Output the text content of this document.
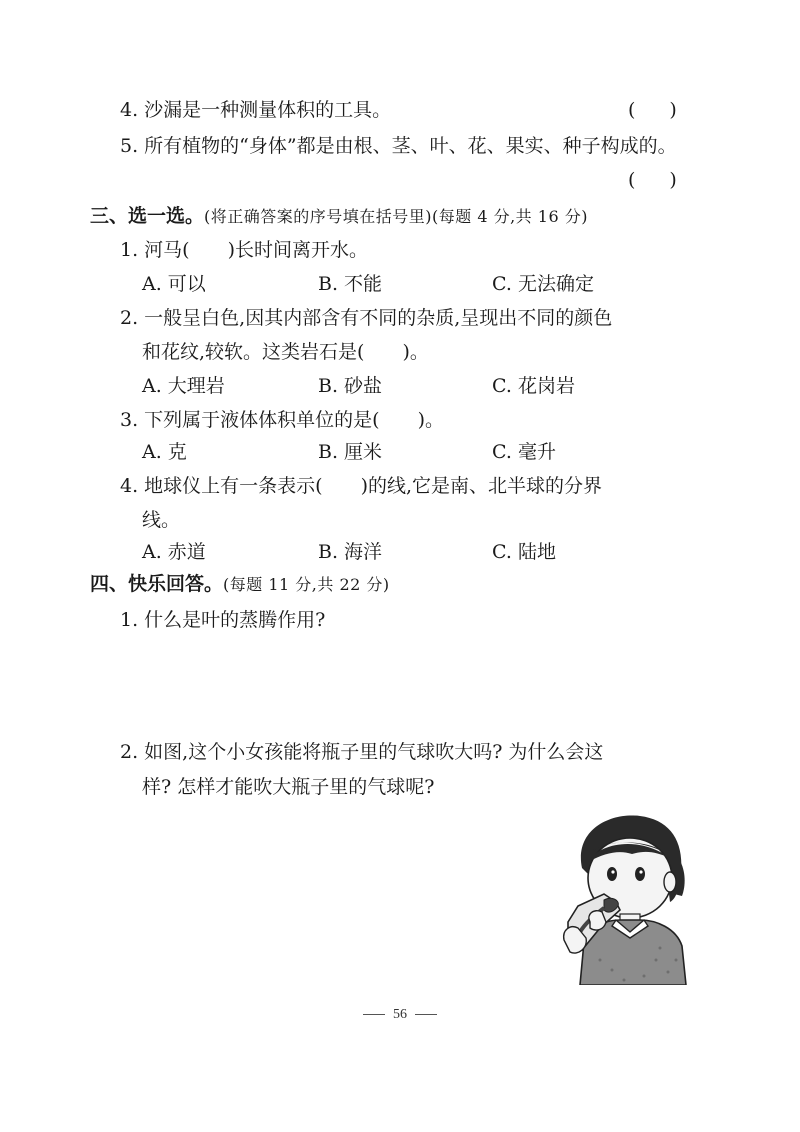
4. 沙漏是一种测量体积的工具。	( )
5. 所有植物的“身体”都是由根、茎、叶、花、果实、种子构成的。
( )
三、选一选。(将正确答案的序号填在括号里)(每题 4 分,共 16 分)
1. 河马( )长时间离开水。
A. 可以	B. 不能	C. 无法确定
2. 一般呈白色,因其内部含有不同的杂质,呈现出不同的颜色
和花纹,较软。这类岩石是( )。
A. 大理岩	B. 砂盐	C. 花岗岩
3. 下列属于液体体积单位的是( )。
A. 克	B. 厘米	C. 毫升
4. 地球仪上有一条表示( )的线,它是南、北半球的分界
线。
A. 赤道	B. 海洋	C. 陆地
四、快乐回答。(每题 11 分,共 22 分)
1. 什么是叶的蒸腾作用?
2. 如图,这个小女孩能将瓶子里的气球吹大吗? 为什么会这
样? 怎样才能吹大瓶子里的气球呢?
56
